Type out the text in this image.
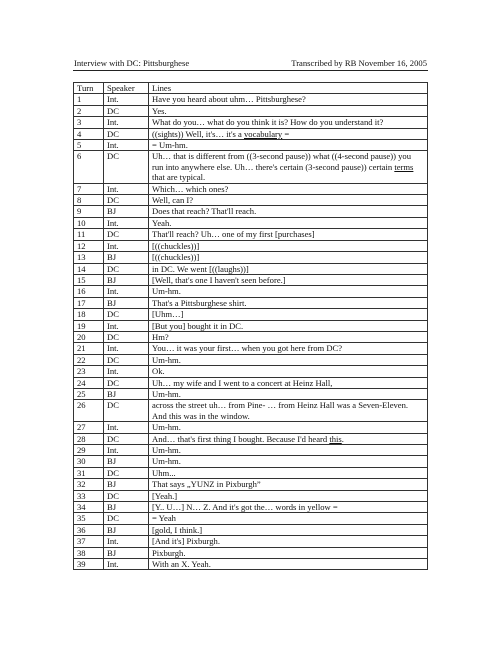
Interview with DC: Pittsburghese	Transcribed by RB November 16, 2005
Turn	Speaker	Lines
1	Int.	Have you heard about uhm… Pittsburghese?
2	DC	Yes.
3	Int.	What do you… what do you think it is? How do you understand it?
4	DC	((sights)) Well, it's… it's a vocabulary =
5	Int.	= Um-hm.
6	DC	Uh… that is different from ((3-second pause)) what ((4-second pause)) you run into anywhere else. Uh… there's certain (3-second pause)) certain terms that are typical.
7	Int.	Which… which ones?
8	DC	Well, can I?
9	BJ	Does that reach? That'll reach.
10	Int.	Yeah.
11	DC	That'll reach? Uh… one of my first [purchases]
12	Int.	[((chuckles))]
13	BJ	[((chuckles))]
14	DC	in DC. We went [((laughs))]
15	BJ	[Well, that's one I haven't seen before.]
16	Int.	Um-hm.
17	BJ	That's a Pittsburghese shirt.
18	DC	[Uhm…]
19	Int.	[But you] bought it in DC.
20	DC	Hm?
21	Int.	You… it was your first… when you got here from DC?
22	DC	Um-hm.
23	Int.	Ok.
24	DC	Uh… my wife and I went to a concert at Heinz Hall,
25	BJ	Um-hm.
26	DC	across the street uh… from Pine- … from Heinz Hall was a Seven-Eleven. And this was in the window.
27	Int.	Um-hm.
28	DC	And… that's first thing I bought. Because I'd heard this.
29	Int.	Um-hm.
30	BJ	Um-hm.
31	DC	Uhm...
32	BJ	That says „YUNZ in Pixburgh”
33	DC	[Yeah.]
34	BJ	[Y.. U…] N… Z. And it's got the… words in yellow =
35	DC	= Yeah
36	BJ	[gold, I think.]
37	Int.	[And it's] Pixburgh.
38	BJ	Pixburgh.
39	Int.	With an X. Yeah.
